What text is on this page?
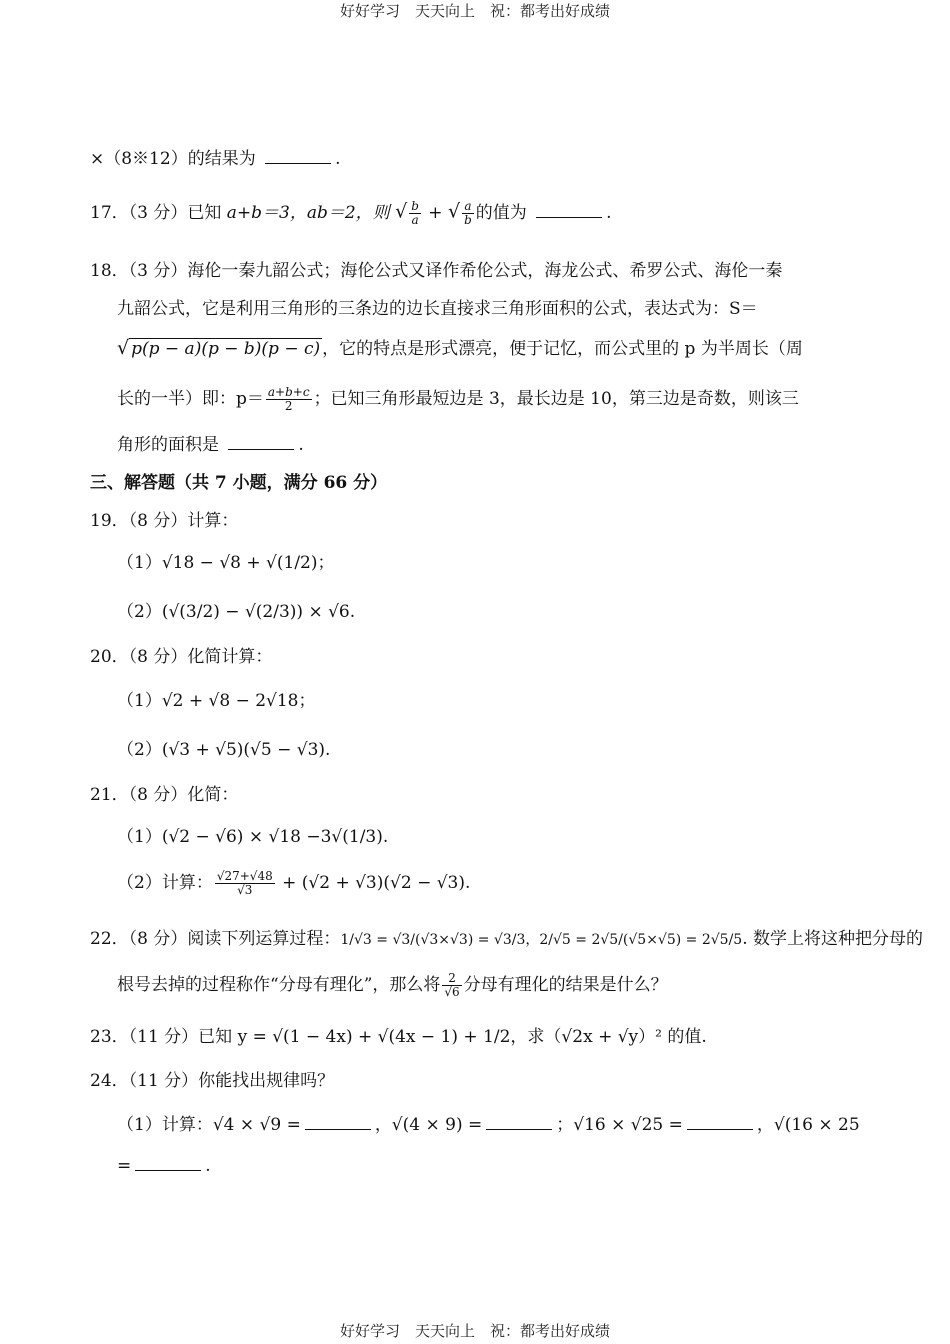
好好学习　天天向上　祝：都考出好成绩
×（8※12）的结果为	.
17．（3 分）已知 a+b＝3，ab＝2，则 √ $\frac{b}{a}$ + √ $\frac{a}{b}$ 的值为	.
18．（3 分）海伦一秦九韶公式；海伦公式又译作希伦公式，海龙公式、希罗公式、海伦一秦
九韶公式，它是利用三角形的三条边的边长直接求三角形面积的公式，表达式为：S＝
√ p(p − a)(p − b)(p − c) ，它的特点是形式漂亮，便于记忆，而公式里的 p 为半周长（周
长的一半）即：$p= \frac{a+b+c}{2}$ ；已知三角形最短边是 3，最长边是 10，第三边是奇数，则该三
角形的面积是	.
三、解答题（共 7 小题，满分 66 分）
19．（8 分）计算：
（1）√18 − √8 + √(1/2)；
（2）(√(3/2) − √(2/3)) × √6.
20．（8 分）化简计算：
（1）√2 + √8 − 2√18；
（2）(√3 + √5)(√5 − √3).
21．（8 分）化简：
（1）(√2 − √6) × √18 −3√(1/3).
（2）计算： $\frac{√27+√48}{√3} + (√2 + √3)(√2 - √3)$.
22．（8 分）阅读下列运算过程：1/√3 = √3/(√3×√3) = √3/3，2/√5 = 2√5/(√5×√5) = 2√5/5. 数学上将这种把分母的
根号去掉的过程称作“分母有理化”，那么将 $\frac{2}{√6}$ 分母有理化的结果是什么？
23．（11 分）已知 y = √(1 − 4x) + √(4x − 1) + 1/2，求（√2x + √y）² 的值.
24．（11 分）你能找出规律吗？
（1）计算：√4 × √9 =	，√(4 × 9) =	；√16 × √25 =	，√(16 × 25
=	.
好好学习　天天向上　祝：都考出好成绩
